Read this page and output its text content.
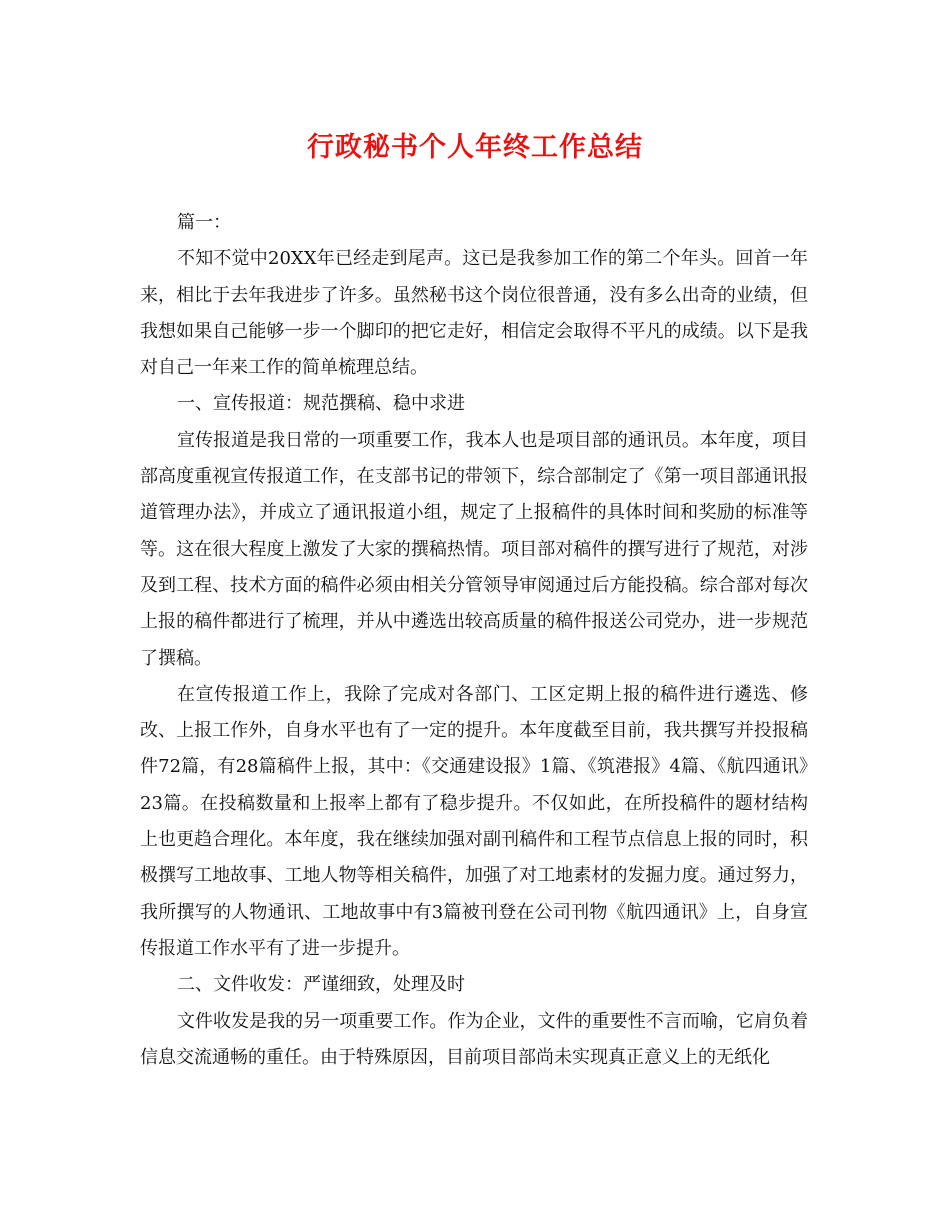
行政秘书个人年终工作总结

篇一：

不知不觉中20XX年已经走到尾声。这已是我参加工作的第二个年头。回首一年来，相比于去年我进步了许多。虽然秘书这个岗位很普通，没有多么出奇的业绩，但我想如果自己能够一步一个脚印的把它走好，相信定会取得不平凡的成绩。以下是我对自己一年来工作的简单梳理总结。

一、宣传报道：规范撰稿、稳中求进

宣传报道是我日常的一项重要工作，我本人也是项目部的通讯员。本年度，项目部高度重视宣传报道工作，在支部书记的带领下，综合部制定了《第一项目部通讯报道管理办法》，并成立了通讯报道小组，规定了上报稿件的具体时间和奖励的标准等等。这在很大程度上激发了大家的撰稿热情。项目部对稿件的撰写进行了规范，对涉及到工程、技术方面的稿件必须由相关分管领导审阅通过后方能投稿。综合部对每次上报的稿件都进行了梳理，并从中遴选出较高质量的稿件报送公司党办，进一步规范了撰稿。

在宣传报道工作上，我除了完成对各部门、工区定期上报的稿件进行遴选、修改、上报工作外，自身水平也有了一定的提升。本年度截至目前，我共撰写并投报稿件72篇，有28篇稿件上报，其中：《交通建设报》1篇、《筑港报》4篇、《航四通讯》23篇。在投稿数量和上报率上都有了稳步提升。不仅如此，在所投稿件的题材结构上也更趋合理化。本年度，我在继续加强对副刊稿件和工程节点信息上报的同时，积极撰写工地故事、工地人物等相关稿件，加强了对工地素材的发掘力度。通过努力，我所撰写的人物通讯、工地故事中有3篇被刊登在公司刊物《航四通讯》上，自身宣传报道工作水平有了进一步提升。

二、文件收发：严谨细致，处理及时

文件收发是我的另一项重要工作。作为企业，文件的重要性不言而喻，它肩负着信息交流通畅的重任。由于特殊原因，目前项目部尚未实现真正意义上的无纸化
